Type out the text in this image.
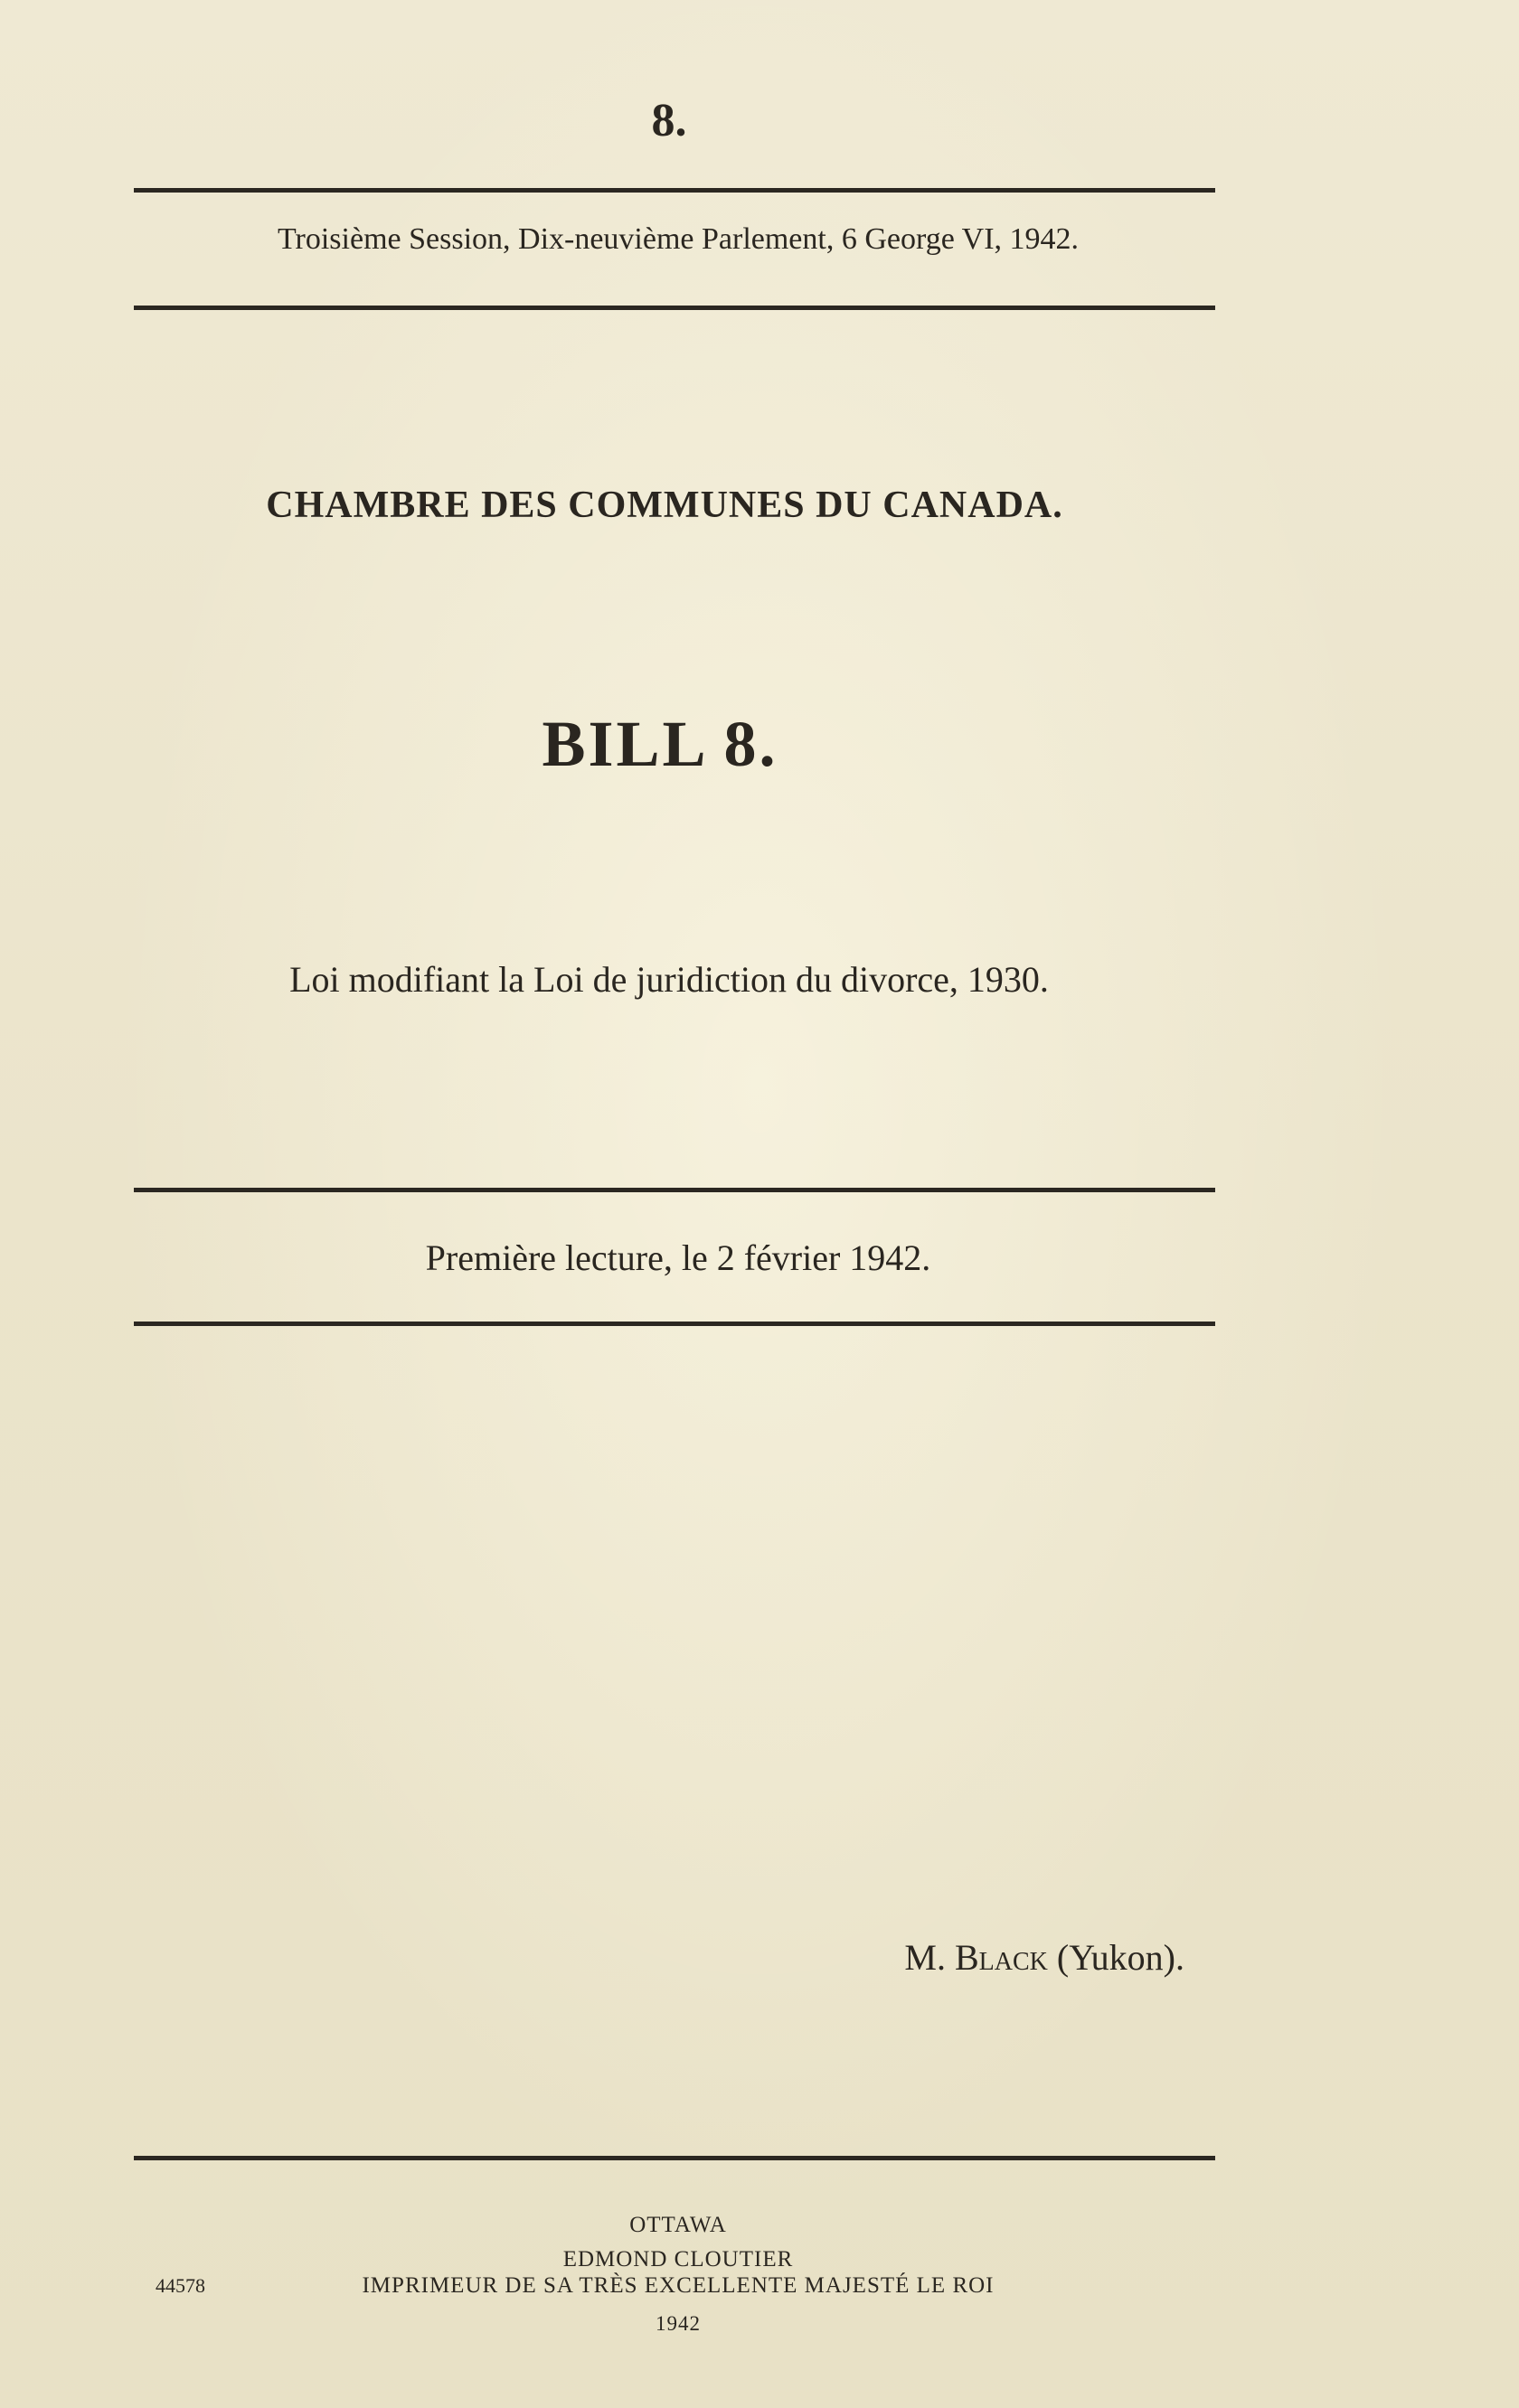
8.
Troisième Session, Dix-neuvième Parlement, 6 George VI, 1942.
CHAMBRE DES COMMUNES DU CANADA.
BILL 8.
Loi modifiant la Loi de juridiction du divorce, 1930.
Première lecture, le 2 février 1942.
M. Black (Yukon).
OTTAWA
EDMOND CLOUTIER
IMPRIMEUR DE SA TRÈS EXCELLENTE MAJESTÉ LE ROI
1942
44578
